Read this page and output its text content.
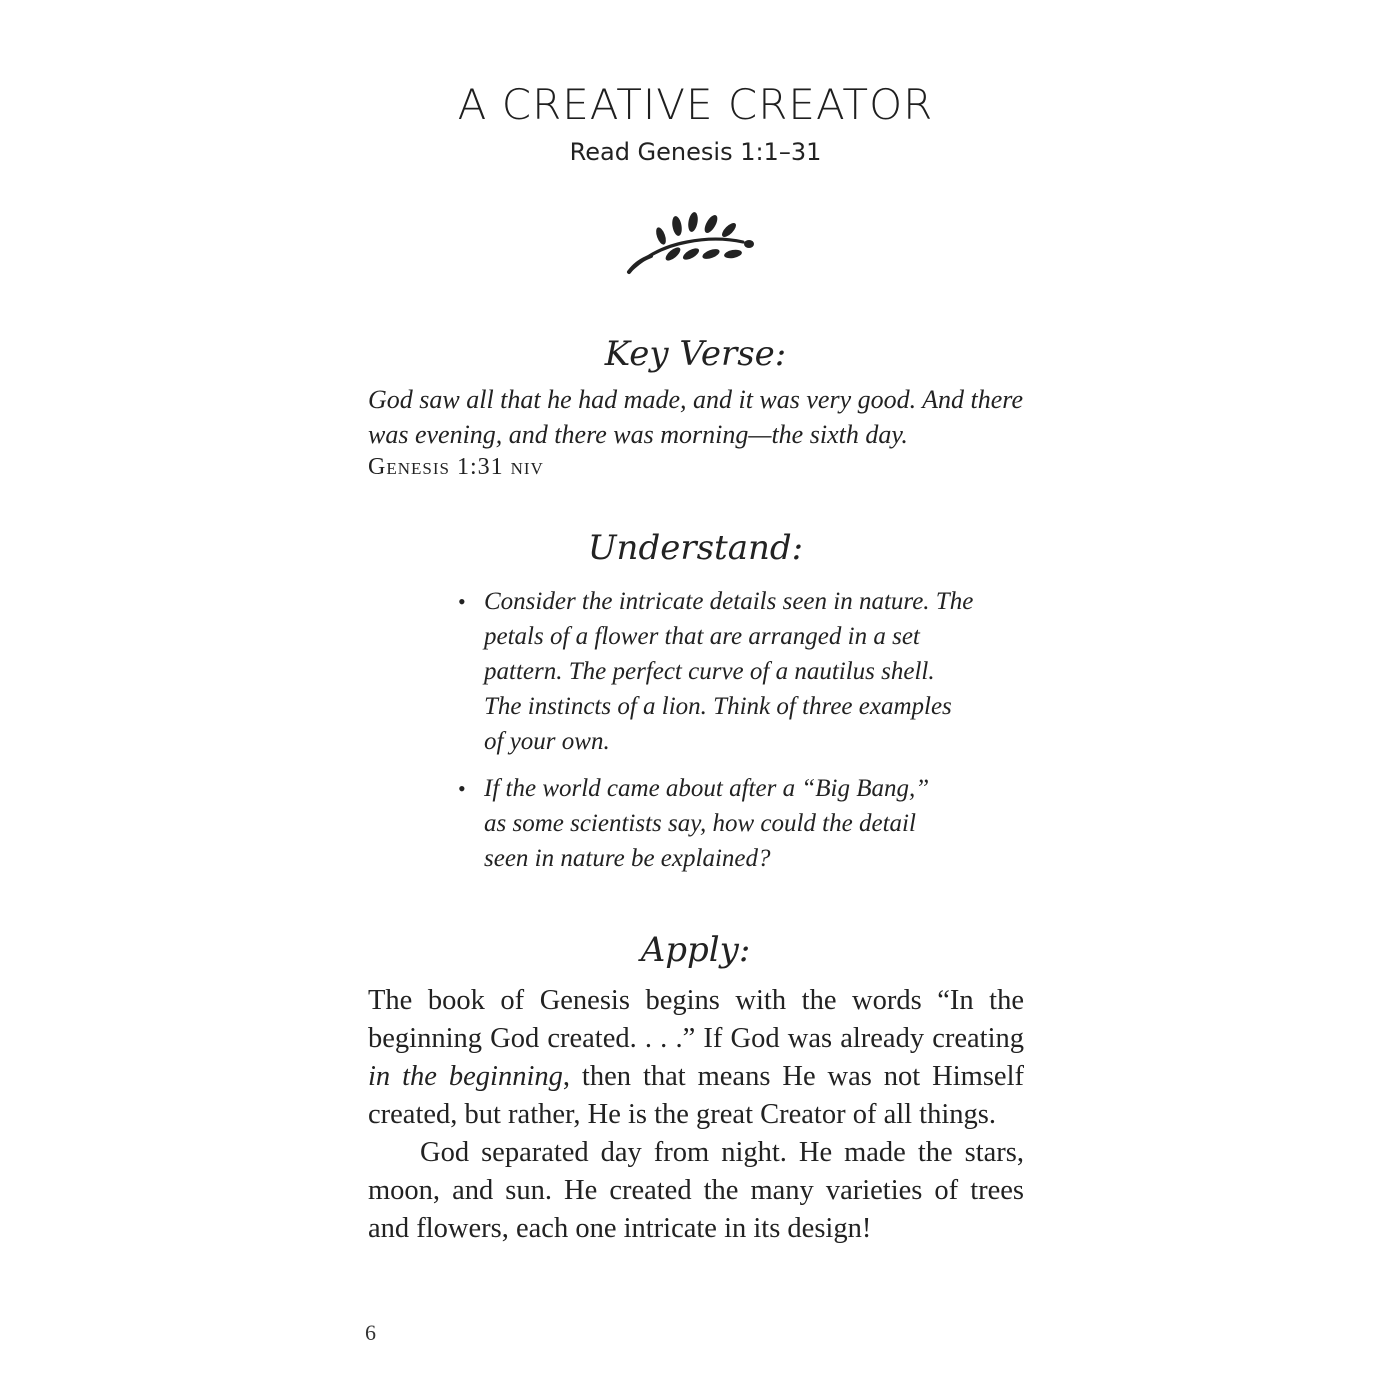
A CREATIVE CREATOR
Read Genesis 1:1–31
Key Verse:
God saw all that he had made, and it was very good. And there was evening, and there was morning—the sixth day.
Genesis 1:31 niv
Understand:
• Consider the intricate details seen in nature. The petals of a flower that are arranged in a set pattern. The perfect curve of a nautilus shell. The instincts of a lion. Think of three examples of your own.
• If the world came about after a “Big Bang,” as some scientists say, how could the detail seen in nature be explained?
Apply:

The book of Genesis begins with the words “In the beginning God created. . . .” If God was already creating in the beginning, then that means He was not Himself created, but rather, He is the great Creator of all things.

God separated day from night. He made the stars, moon, and sun. He created the many varieties of trees and flowers, each one intricate in its design!

6
